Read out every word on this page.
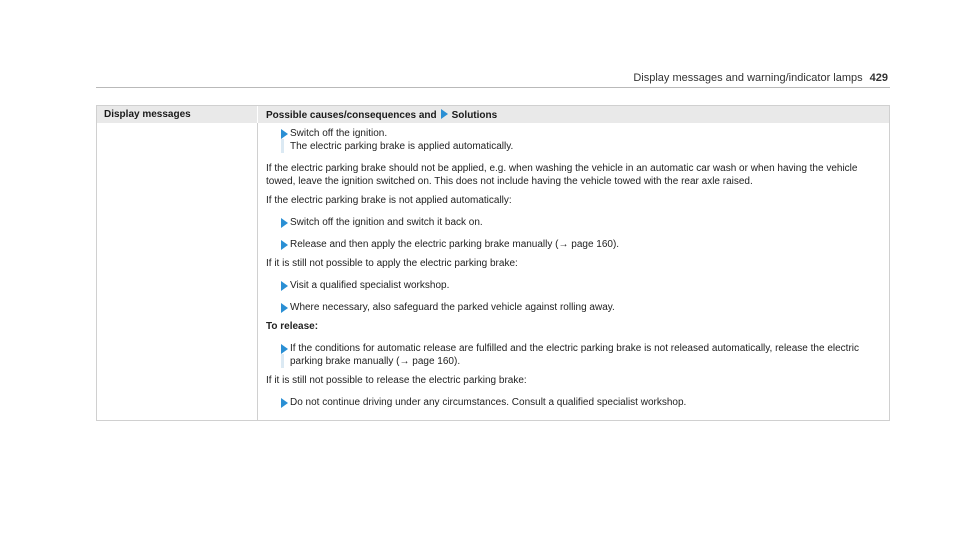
Display messages and warning/indicator lamps 429
Display messages	Possible causes/consequences and Solutions
Switch off the ignition.
The electric parking brake is applied automatically.

If the electric parking brake should not be applied, e.g. when washing the vehicle in an automatic car wash or when having the vehicle towed, leave the ignition switched on. This does not include having the vehicle towed with the rear axle raised.

If the electric parking brake is not applied automatically:

Switch off the ignition and switch it back on.
Release and then apply the electric parking brake manually (→ page 160).

If it is still not possible to apply the electric parking brake:

Visit a qualified specialist workshop.
Where necessary, also safeguard the parked vehicle against rolling away.

To release:

If the conditions for automatic release are fulfilled and the electric parking brake is not released automatically, release the electric parking brake manually (→ page 160).

If it is still not possible to release the electric parking brake:

Do not continue driving under any circumstances. Consult a qualified specialist workshop.
